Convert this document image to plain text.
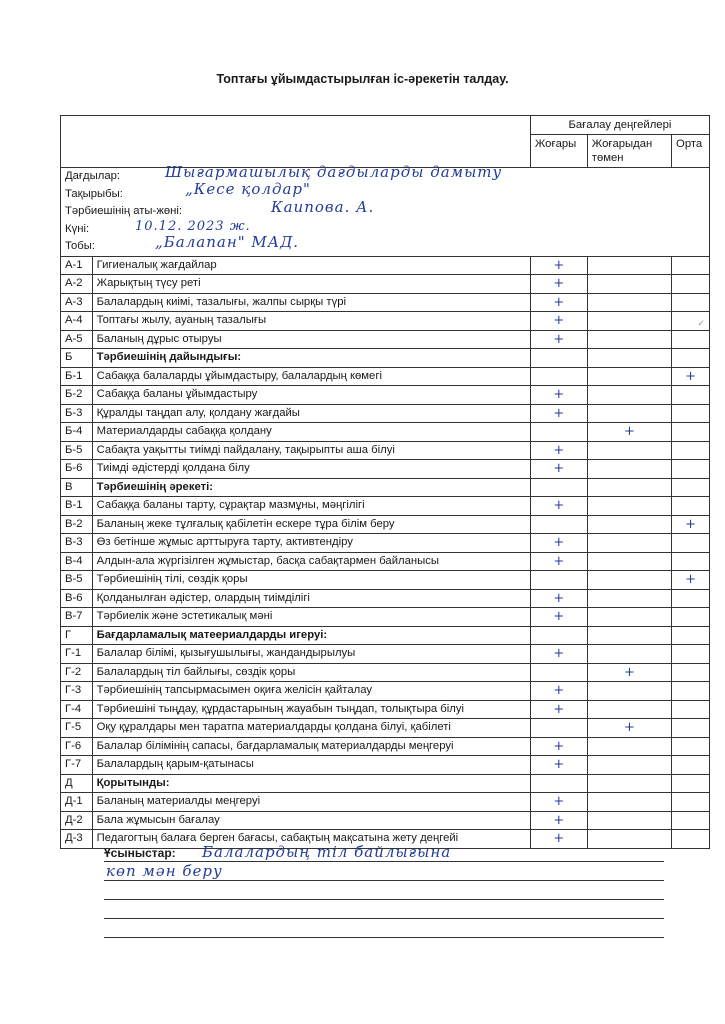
Топтағы ұйымдастырылған іс-әрекетін талдау.
		Бағалау деңгейлері		
		Жоғары	Жоғарыдан
төмен	Орта
Дағдылар: Шығармашылық дағдыларды дамыту				

Тақырыбы: „Кесе қолдар"				

Тәрбиешінің аты-жөні: Каипова. А.				

Күні: 10.12. 2023 ж.				

Тобы: „Балапан" МАД.				

А-1	Гигиеналық жағдайлар	+		
А-2	Жарықтың түсу реті	+		
А-3	Балалардың киімі, тазалығы, жалпы сырқы түрі	+		
А-4	Топтағы жылу, ауаның тазалығы	+		
А-5	Баланың дұрыс отыруы	+		
Б	Тәрбиешінің дайындығы:			
Б-1	Сабаққа балаларды ұйымдастыру, балалардың көмегі			+
Б-2	Сабаққа баланы ұйымдастыру	+		
Б-3	Құралды таңдап алу, қолдану жағдайы	+		
Б-4	Материалдарды сабаққа қолдану		+	
Б-5	Сабақта уақытты тиімді пайдалану, тақырыпты аша білуі	+		
Б-6	Тиімді әдістерді қолдана білу	+		
В	Тәрбиешінің әрекеті:			
В-1	Сабаққа баланы тарту, сұрақтар мазмұны, мәңгілігі	+		
В-2	Баланың жеке тұлғалық қабілетін ескере тұра білім беру			+
В-3	Өз бетінше жұмыс арттыруға тарту, активтендіру	+		
В-4	Алдын-ала жүргізілген жұмыстар, басқа сабақтармен байланысы	+		
В-5	Тәрбиешінің тілі, сөздік қоры			+
В-6	Қолданылған әдістер, олардың тиімділігі	+		
В-7	Тәрбиелік және эстетикалық мәні	+		
Г	Бағдарламалық матеериалдарды игеруі:			
Г-1	Балалар білімі, қызығушылығы, жандандырылуы	+		
Г-2	Балалардың тіл байлығы, сөздік қоры		+	
Г-3	Тәрбиешінің тапсырмасымен оқиға желісін қайталау	+		
Г-4	Тәрбиешіні тыңдау, құрдастарының жауабын тыңдап, толықтыра білуі	+		
Г-5	Оқу құралдары мен таратпа материалдарды қолдана білуі, қабілеті		+	
Г-6	Балалар білімінің сапасы, бағдарламалық материалдарды меңгеруі	+		
Г-7	Балалардың қарым-қатынасы	+		
Д	Қорытынды:			
Д-1	Баланың материалды меңгеруі	+		
Д-2	Бала жұмысын бағалау	+		
Д-3	Педагогтың балаға берген бағасы, сабақтың мақсатына жету деңгейі	+		
✓
Ұсыныстар: Балалардың тіл байлығына
көп мән беру
